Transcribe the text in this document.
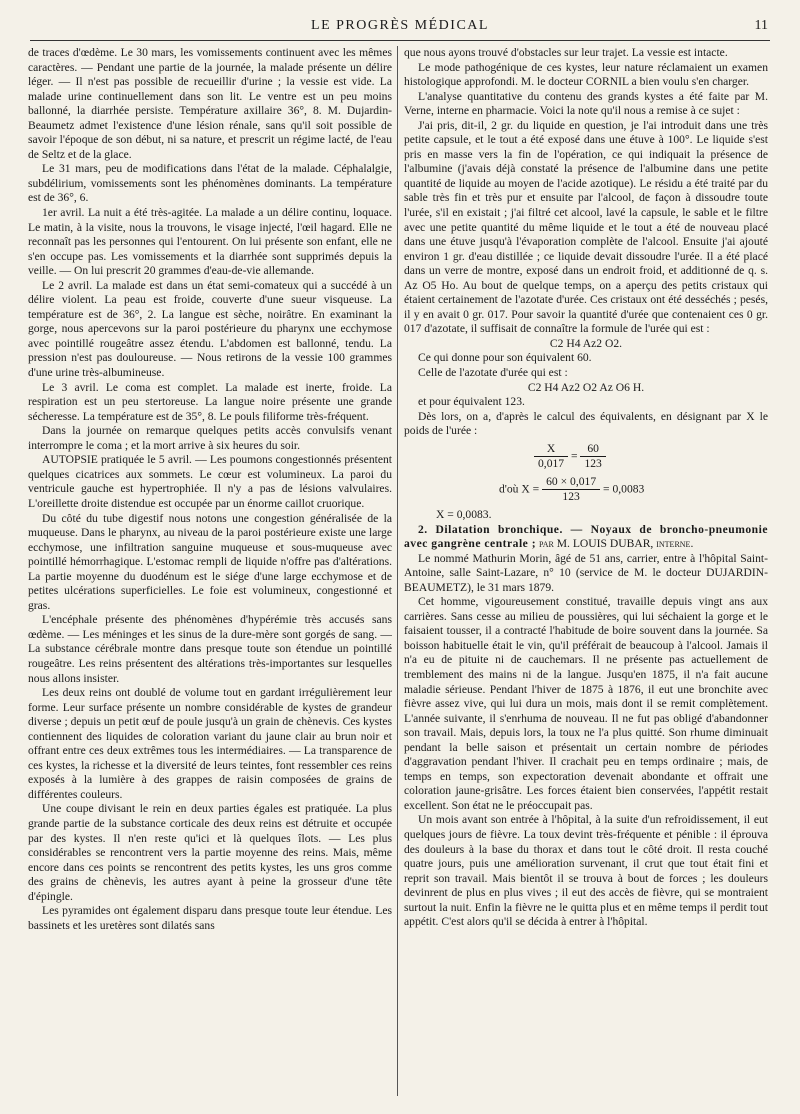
LE PROGRÈS MÉDICAL	11

de traces d'œdème. Le 30 mars, les vomissements continuent avec les mêmes caractères. — Pendant une partie de la journée, la malade présente un délire léger. — Il n'est pas possible de recueillir d'urine ; la vessie est vide. La malade urine continuellement dans son lit. Le ventre est un peu moins ballonné, la diarrhée persiste. Température axillaire 36°, 8. M. Dujardin-Beaumetz admet l'existence d'une lésion rénale, sans qu'il soit possible de savoir l'époque de son début, ni sa nature, et prescrit un régime lacté, de l'eau de Seltz et de la glace.

Le 31 mars, peu de modifications dans l'état de la malade. Céphalalgie, subdélirium, vomissements sont les phénomènes dominants. La température est de 36°, 6.

1er avril. La nuit a été très-agitée. La malade a un délire continu, loquace. Le matin, à la visite, nous la trouvons, le visage injecté, l'œil hagard. Elle ne reconnaît pas les personnes qui l'entourent. On lui présente son enfant, elle ne s'en occupe pas. Les vomissements et la diarrhée sont supprimés depuis la veille. — On lui prescrit 20 grammes d'eau-de-vie allemande.

Le 2 avril. La malade est dans un état semi-comateux qui a succédé à un délire violent. La peau est froide, couverte d'une sueur visqueuse. La température est de 36°, 2. La langue est sèche, noirâtre. En examinant la gorge, nous apercevons sur la paroi postérieure du pharynx une ecchymose avec pointillé rougeâtre assez étendu. L'abdomen est ballonné, tendu. La pression n'est pas douloureuse. — Nous retirons de la vessie 100 grammes d'une urine très-albumineuse.

Le 3 avril. Le coma est complet. La malade est inerte, froide. La respiration est un peu stertoreuse. La langue noire présente une grande sécheresse. La température est de 35°, 8. Le pouls filiforme très-fréquent.

Dans la journée on remarque quelques petits accès convulsifs venant interrompre le coma ; et la mort arrive à six heures du soir.

AUTOPSIE pratiquée le 5 avril. — Les poumons congestionnés présentent quelques cicatrices aux sommets. Le cœur est volumineux. La paroi du ventricule gauche est hypertrophiée. Il n'y a pas de lésions valvulaires. L'oreillette droite distendue est occupée par un énorme caillot cruorique.

Du côté du tube digestif nous notons une congestion généralisée de la muqueuse. Dans le pharynx, au niveau de la paroi postérieure existe une large ecchymose, une infiltration sanguine muqueuse et sous-muqueuse avec pointillé hémorrhagique. L'estomac rempli de liquide n'offre pas d'altérations. La partie moyenne du duodénum est le siége d'une large ecchymose et de petites ulcérations superficielles. Le foie est volumineux, congestionné et gras.

L'encéphale présente des phénomènes d'hypérémie très accusés sans œdème. — Les méninges et les sinus de la dure-mère sont gorgés de sang. — La substance cérébrale montre dans presque toute son étendue un pointillé rougeâtre. Les reins présentent des altérations très-importantes sur lesquelles nous allons insister.

Les deux reins ont doublé de volume tout en gardant irrégulièrement leur forme. Leur surface présente un nombre considérable de kystes de grandeur diverse ; depuis un petit œuf de poule jusqu'à un grain de chènevis. Ces kystes contiennent des liquides de coloration variant du jaune clair au brun noir et offrant entre ces deux extrêmes tous les intermédiaires. — La transparence de ces kystes, la richesse et la diversité de leurs teintes, font ressembler ces reins exposés à la lumière à des grappes de raisin composées de grains de différentes couleurs.

Une coupe divisant le rein en deux parties égales est pratiquée. La plus grande partie de la substance corticale des deux reins est détruite et occupée par des kystes. Il n'en reste qu'ici et là quelques îlots. — Les plus considérables se rencontrent vers la partie moyenne des reins. Mais, même encore dans ces points se rencontrent des petits kystes, les uns gros comme des grains de chènevis, les autres ayant à peine la grosseur d'une tête d'épingle.

Les pyramides ont également disparu dans presque toute leur étendue. Les bassinets et les uretères sont dilatés sans

que nous ayons trouvé d'obstacles sur leur trajet. La vessie est intacte.

Le mode pathogénique de ces kystes, leur nature réclamaient un examen histologique approfondi. M. le docteur CORNIL a bien voulu s'en charger.

L'analyse quantitative du contenu des grands kystes a été faite par M. Verne, interne en pharmacie. Voici la note qu'il nous a remise à ce sujet :

J'ai pris, dit-il, 2 gr. du liquide en question, je l'ai introduit dans une très petite capsule, et le tout a été exposé dans une étuve à 100°. Le liquide s'est pris en masse vers la fin de l'opération, ce qui indiquait la présence de l'albumine (j'avais déjà constaté la présence de l'albumine dans une petite quantité de liquide au moyen de l'acide azotique). Le résidu a été traité par du sable très fin et très pur et ensuite par l'alcool, de façon à dissoudre toute l'urée, s'il en existait ; j'ai filtré cet alcool, lavé la capsule, le sable et le filtre avec une petite quantité du même liquide et le tout a été de nouveau placé dans une étuve jusqu'à l'évaporation complète de l'alcool. Ensuite j'ai ajouté environ 1 gr. d'eau distillée ; ce liquide devait dissoudre l'urée. Il a été placé dans un verre de montre, exposé dans un endroit froid, et additionné de q. s. Az O5 Ho. Au bout de quelque temps, on a aperçu des petits cristaux qui étaient certainement de l'azotate d'urée. Ces cristaux ont été desséchés ; pesés, il y en avait 0 gr. 017. Pour savoir la quantité d'urée que contenaient ces 0 gr. 017 d'azotate, il suffisait de connaître la formule de l'urée qui est :

C2 H4 Az2 O2.

Ce qui donne pour son équivalent 60.

Celle de l'azotate d'urée qui est :

C2 H4 Az2 O2 Az O6 H.

et pour équivalent 123.

Dès lors, on a, d'après le calcul des équivalents, en désignant par X le poids de l'urée :

$\frac{X}{0,017} = \frac{60}{123}$
d'où $X = \frac{60 \times 0,017}{123} = 0,0083$

X = 0,0083.

2. Dilatation bronchique. — Noyaux de broncho-pneumonie avec gangrène centrale ; par M. LOUIS DUBAR, interne.

Le nommé Mathurin Morin, âgé de 51 ans, carrier, entre à l'hôpital Saint-Antoine, salle Saint-Lazare, n° 10 (service de M. le docteur DUJARDIN-BEAUMETZ), le 31 mars 1879.

Cet homme, vigoureusement constitué, travaille depuis vingt ans aux carrières. Sans cesse au milieu de poussières, qui lui séchaient la gorge et le faisaient tousser, il a contracté l'habitude de boire souvent dans la journée. Sa boisson habituelle était le vin, qu'il préférait de beaucoup à l'alcool. Jamais il n'a eu de pituite ni de cauchemars. Il ne présente pas actuellement de tremblement des mains ni de la langue. Jusqu'en 1875, il n'a fait aucune maladie sérieuse. Pendant l'hiver de 1875 à 1876, il eut une bronchite avec fièvre assez vive, qui lui dura un mois, mais dont il se remit complètement. L'année suivante, il s'enrhuma de nouveau. Il ne fut pas obligé d'abandonner son travail. Mais, depuis lors, la toux ne l'a plus quitté. Son rhume diminuait pendant la belle saison et présentait un certain nombre de périodes d'aggravation pendant l'hiver. Il crachait peu en temps ordinaire ; mais, de temps en temps, son expectoration devenait abondante et offrait une coloration jaune-grisâtre. Les forces étaient bien conservées, l'appétit restait excellent. Son état ne le préoccupait pas.

Un mois avant son entrée à l'hôpital, à la suite d'un refroidissement, il eut quelques jours de fièvre. La toux devint très-fréquente et pénible : il éprouva des douleurs à la base du thorax et dans tout le côté droit. Il resta couché quatre jours, puis une amélioration survenant, il crut que tout était fini et reprit son travail. Mais bientôt il se trouva à bout de forces ; les douleurs devinrent de plus en plus vives ; il eut des accès de fièvre, qui se montraient surtout la nuit. Enfin la fièvre ne le quitta plus et en même temps il perdit tout appétit. C'est alors qu'il se décida à entrer à l'hôpital.
